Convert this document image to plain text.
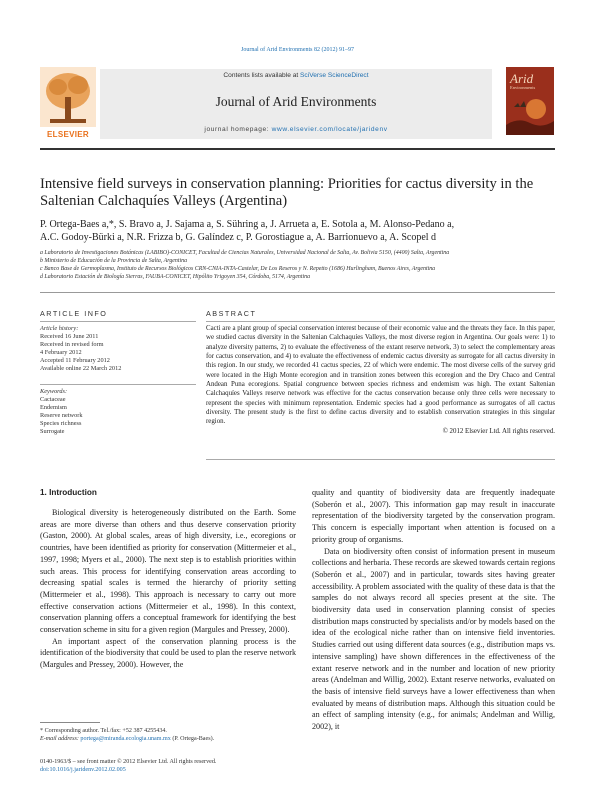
Journal of Arid Environments 82 (2012) 91–97
Contents lists available at SciVerse ScienceDirect
Journal of Arid Environments
journal homepage: www.elsevier.com/locate/jaridenv
ELSEVIER
Arid
Environments
Intensive field surveys in conservation planning: Priorities for cactus diversity in the Saltenian Calchaquíes Valleys (Argentina)
P. Ortega-Baes a,*, S. Bravo a, J. Sajama a, S. Sühring a, J. Arrueta a, E. Sotola a, M. Alonso-Pedano a,
A.C. Godoy-Bürki a, N.R. Frizza b, G. Galíndez c, P. Gorostiague a, A. Barrionuevo a, A. Scopel d
a Laboratorio de Investigaciones Botánicas (LABIBO)-CONICET, Facultad de Ciencias Naturales, Universidad Nacional de Salta, Av. Bolivia 5150, (4400) Salta, Argentina
b Ministerio de Educación de la Provincia de Salta, Argentina
c Banco Base de Germoplasma, Instituto de Recursos Biológicos CRN-CNIA-INTA-Castelar, De Los Reseros y N. Repetto (1686) Hurlingham, Buenos Aires, Argentina
d Laboratorio Estación de Biología Sierras, FAUBA-CONICET, Hipólito Yrigoyen 354, Córdoba, 5174, Argentina
ARTICLE INFO	ABSTRACT
Article history:
Received 16 June 2011
Received in revised form
4 February 2012
Accepted 11 February 2012
Available online 22 March 2012
Keywords:
Cactaceae
Endemism
Reserve network
Species richness
Surrogate
Cacti are a plant group of special conservation interest because of their economic value and the threats they face. In this paper, we studied cactus diversity in the Saltenian Calchaquíes Valleys, the most diverse region in Argentina. Our goals were: 1) to analyze diversity patterns, 2) to evaluate the effectiveness of the extant reserve network, 3) to select the complementary areas for cactus conservation, and 4) to evaluate the effectiveness of endemic cactus diversity as surrogate for all cactus diversity in this region. In our study, we recorded 41 cactus species, 22 of which were endemic. The most diverse cells of the survey grid were located in the High Monte ecoregion and in transition zones between this ecoregion and the Dry Chaco and Central Andean Puna ecoregions. Spatial congruence between species richness and endemism was high. The extant Saltenian Calchaquíes Valleys reserve network was effective for the cactus conservation because only three cells were necessary to represent the species with minimum representation. Endemic species had a good performance as surrogates of all cactus diversity. The present study is the first to define cactus diversity and to establish conservation strategies in this singular region.
© 2012 Elsevier Ltd. All rights reserved.
1. Introduction

Biological diversity is heterogeneously distributed on the Earth. Some areas are more diverse than others and thus deserve conservation priority (Gaston, 2000). At global scales, areas of high diversity, i.e., ecoregions or countries, have been identified as priority for conservation (Mittermeier et al., 1997, 1998; Myers et al., 2000). The next step is to establish priorities within such areas. This process for identifying conservation areas according to decreasing spatial scales is termed the hierarchy of priority setting (Mittermeier et al., 1998). This approach is necessary to carry out more effective conservation actions (Mittermeier et al., 1998). In this context, conservation planning offers a conceptual framework for identifying the best conservation scheme in situ for a given region (Margules and Pressey, 2000).

An important aspect of the conservation planning process is the identification of the biodiversity that could be used to plan the reserve network (Margules and Pressey, 2000). However, the

quality and quantity of biodiversity data are frequently inadequate (Soberón et al., 2007). This information gap may result in inaccurate representation of the biodiversity targeted by the conservation program. This concern is especially important when attention is focused on a priority group of organisms.

Data on biodiversity often consist of information present in museum collections and herbaria. These records are skewed towards certain regions (Soberón et al., 2007) and in particular, towards sites having greater accessibility. A problem associated with the quality of these data is that the samples do not always record all species present at the site. The biodiversity data used in conservation planning consist of species distribution maps constructed by specialists and/or by models based on the idea of the ecological niche rather than on intensive field inventories. Studies carried out using different data sources (e.g., distribution maps vs. intensive sampling) have shown differences in the effectiveness of the extant reserve network and in the number and location of new priority areas (Andelman and Willig, 2002). Extant reserve networks, evaluated on the basis of intensive field surveys have a lower effectiveness than when evaluated by means of distribution maps. Although this situation could be an effect of sampling intensity (e.g., for animals; Andelman and Willig, 2002), it

* Corresponding author. Tel./fax: +52 387 4255434.
E-mail address: portega@miranda.ecologia.unam.mx (P. Ortega-Baes).
0140-1963/$ – see front matter © 2012 Elsevier Ltd. All rights reserved.
doi:10.1016/j.jaridenv.2012.02.005
